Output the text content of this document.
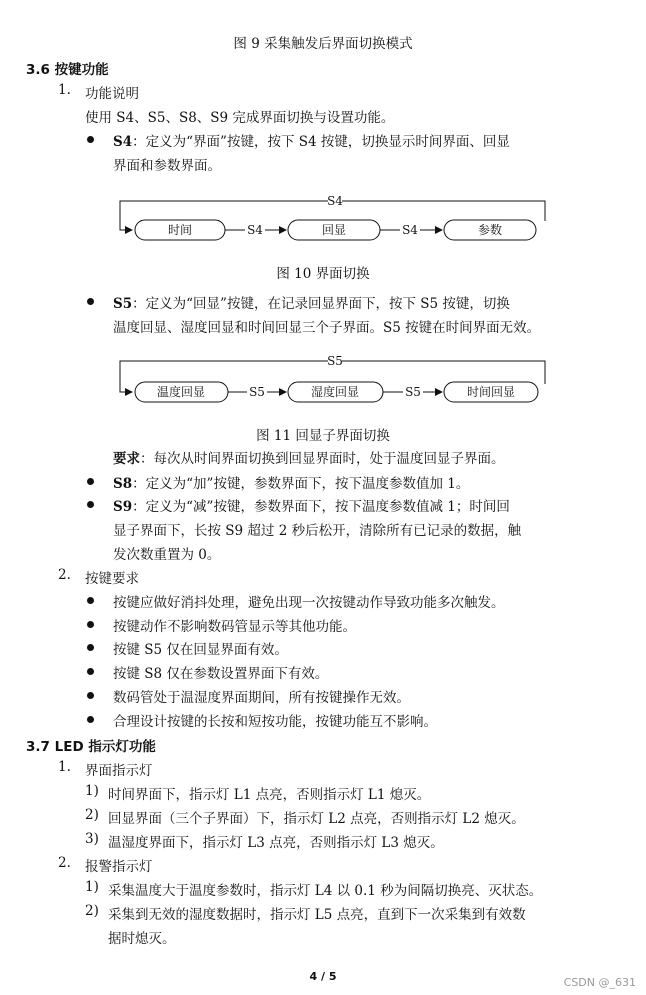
图 9 采集触发后界面切换模式
3.6 按键功能
1. 功能说明
使用 S4、S5、S8、S9 完成界面切换与设置功能。
S4：定义为“界面”按键，按下 S4 按键，切换显示时间界面、回显
界面和参数界面。
S4
时间	S4	回显	S4	参数
图 10 界面切换
S5：定义为“回显”按键，在记录回显界面下，按下 S5 按键，切换
温度回显、湿度回显和时间回显三个子界面。S5 按键在时间界面无效。
S5
温度回显	S5	湿度回显	S5	时间回显
图 11 回显子界面切换
要求：每次从时间界面切换到回显界面时，处于温度回显子界面。
S8：定义为“加”按键，参数界面下，按下温度参数值加 1。
S9：定义为“减”按键，参数界面下，按下温度参数值减 1；时间回
显子界面下，长按 S9 超过 2 秒后松开，清除所有已记录的数据，触
发次数重置为 0。
2. 按键要求
按键应做好消抖处理，避免出现一次按键动作导致功能多次触发。
按键动作不影响数码管显示等其他功能。
按键 S5 仅在回显界面有效。
按键 S8 仅在参数设置界面下有效。
数码管处于温湿度界面期间，所有按键操作无效。
合理设计按键的长按和短按功能，按键功能互不影响。
3.7 LED 指示灯功能
1. 界面指示灯
1) 时间界面下，指示灯 L1 点亮，否则指示灯 L1 熄灭。
2) 回显界面（三个子界面）下，指示灯 L2 点亮，否则指示灯 L2 熄灭。
3) 温湿度界面下，指示灯 L3 点亮，否则指示灯 L3 熄灭。
2. 报警指示灯
1) 采集温度大于温度参数时，指示灯 L4 以 0.1 秒为间隔切换亮、灭状态。
2) 采集到无效的湿度数据时，指示灯 L5 点亮，直到下一次采集到有效数
据时熄灭。
4 / 5	CSDN @_631
